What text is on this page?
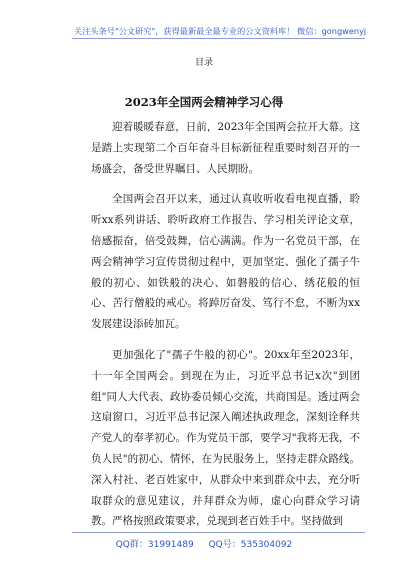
关注头条号"公文研究"，获得最新最全最专业的公文资料库！ 微信：gongwenyj
目录
2023年全国两会精神学习心得

迎着暖暖春意，日前，2023年全国两会拉开大幕。这是踏上实现第二个百年奋斗目标新征程重要时刻召开的一场盛会，备受世界瞩目、人民期盼。

全国两会召开以来，通过认真收听收看电视直播，聆听xx系列讲话、聆听政府工作报告、学习相关评论文章，倍感振奋，倍受鼓舞，信心满满。作为一名党员干部，在两会精神学习宣传贯彻过程中，更加坚定、强化了孺子牛般的初心、如铁般的决心、如磐般的信心、绣花般的恒心、苦行僧般的戒心。将踔厉奋发、笃行不怠，不断为xx发展建设添砖加瓦。

更加强化了"孺子牛般的初心"。20xx年至2023年，十一年全国两会。到现在为止，习近平总书记x次"到团组"同人大代表、政协委员倾心交流，共商国是。透过两会这扇窗口，习近平总书记深入阐述执政理念，深刻诠释共产党人的奉孝初心。作为党员干部，要学习"我将无我，不负人民"的初心、情怀，在为民服务上，坚持走群众路线。深入村社、老百姓家中，从群众中来到群众中去，充分听取群众的意见建议，并拜群众为师，虚心向群众学习请教。严格按照政策要求，兑现到老百姓手中。坚持做到

QQ群：31991489 QQ号：535304092
